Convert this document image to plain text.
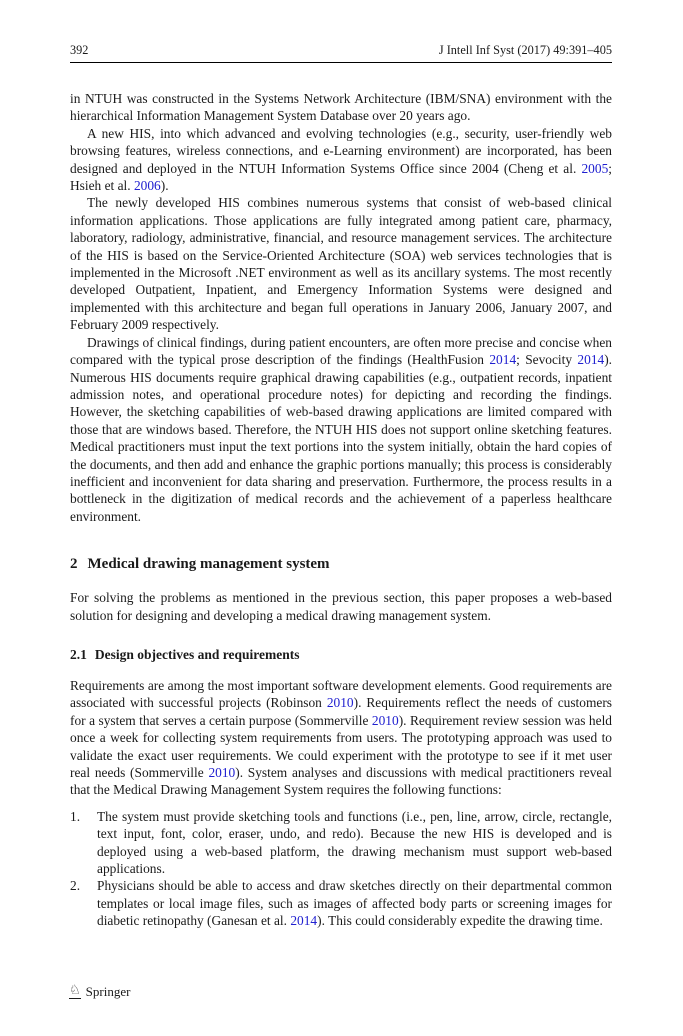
392	J Intell Inf Syst (2017) 49:391–405

in NTUH was constructed in the Systems Network Architecture (IBM/SNA) environment with the hierarchical Information Management System Database over 20 years ago.

A new HIS, into which advanced and evolving technologies (e.g., security, user-friendly web browsing features, wireless connections, and e-Learning environment) are incorporated, has been designed and deployed in the NTUH Information Systems Office since 2004 (Cheng et al. 2005; Hsieh et al. 2006).

The newly developed HIS combines numerous systems that consist of web-based clinical information applications. Those applications are fully integrated among patient care, pharmacy, laboratory, radiology, administrative, financial, and resource management services. The architecture of the HIS is based on the Service-Oriented Architecture (SOA) web services technologies that is implemented in the Microsoft .NET environment as well as its ancillary systems. The most recently developed Outpatient, Inpatient, and Emergency Information Systems were designed and implemented with this architecture and began full operations in January 2006, January 2007, and February 2009 respectively.

Drawings of clinical findings, during patient encounters, are often more precise and concise when compared with the typical prose description of the findings (HealthFusion 2014; Sevocity 2014). Numerous HIS documents require graphical drawing capabilities (e.g., outpatient records, inpatient admission notes, and operational procedure notes) for depicting and recording the findings. However, the sketching capabilities of web-based drawing applications are limited compared with those that are windows based. Therefore, the NTUH HIS does not support online sketching features. Medical practitioners must input the text portions into the system initially, obtain the hard copies of the documents, and then add and enhance the graphic portions manually; this process is considerably inefficient and inconvenient for data sharing and preservation. Furthermore, the process results in a bottleneck in the digitization of medical records and the achievement of a paperless healthcare environment.

2 Medical drawing management system

For solving the problems as mentioned in the previous section, this paper proposes a web-based solution for designing and developing a medical drawing management system.

2.1 Design objectives and requirements

Requirements are among the most important software development elements. Good requirements are associated with successful projects (Robinson 2010). Requirements reflect the needs of customers for a system that serves a certain purpose (Sommerville 2010). Requirement review session was held once a week for collecting system requirements from users. The prototyping approach was used to validate the exact user requirements. We could experiment with the prototype to see if it met user real needs (Sommerville 2010). System analyses and discussions with medical practitioners reveal that the Medical Drawing Management System requires the following functions:

1.	The system must provide sketching tools and functions (i.e., pen, line, arrow, circle, rectangle, text input, font, color, eraser, undo, and redo). Because the new HIS is developed and is deployed using a web-based platform, the drawing mechanism must support web-based applications.
2.	Physicians should be able to access and draw sketches directly on their departmental common templates or local image files, such as images of affected body parts or screening images for diabetic retinopathy (Ganesan et al. 2014). This could considerably expedite the drawing time.
♘ Springer
